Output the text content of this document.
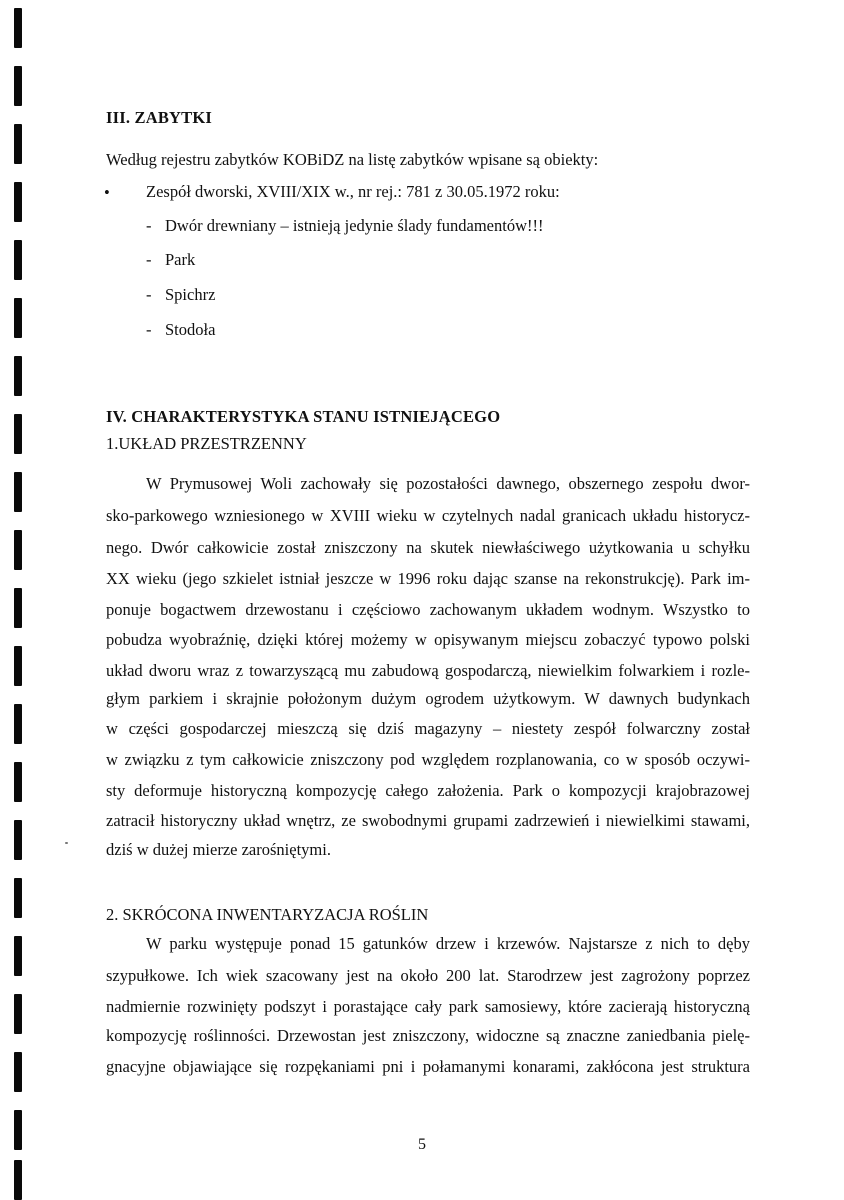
III. ZABYTKI
Według rejestru zabytków KOBiDZ na listę zabytków wpisane są obiekty:
• Zespół dworski, XVIII/XIX w., nr rej.: 781 z 30.05.1972 roku:
- Dwór drewniany – istnieją jedynie ślady fundamentów!!!
- Park
- Spichrz
- Stodoła
IV. CHARAKTERYSTYKA STANU ISTNIEJĄCEGO
1.UKŁAD PRZESTRZENNY
W Prymusowej Woli zachowały się pozostałości dawnego, obszernego zespołu dwor-
sko-parkowego wzniesionego w XVIII wieku w czytelnych nadal granicach układu historycz-
nego. Dwór całkowicie został zniszczony na skutek niewłaściwego użytkowania u schyłku
XX wieku (jego szkielet istniał jeszcze w 1996 roku dając szanse na rekonstrukcję). Park im-
ponuje bogactwem drzewostanu i częściowo zachowanym układem wodnym. Wszystko to
pobudza wyobraźnię, dzięki której możemy w opisywanym miejscu zobaczyć typowo polski
układ dworu wraz z towarzyszącą mu zabudową gospodarczą, niewielkim folwarkiem i rozle-
głym parkiem i skrajnie położonym dużym ogrodem użytkowym. W dawnych budynkach
w części gospodarczej mieszczą się dziś magazyny – niestety zespół folwarczny został
w związku z tym całkowicie zniszczony pod względem rozplanowania, co w sposób oczywi-
sty deformuje historyczną kompozycję całego założenia. Park o kompozycji krajobrazowej
zatracił historyczny układ wnętrz, ze swobodnymi grupami zadrzewień i niewielkimi stawami,
dziś w dużej mierze zarośniętymi.
2. SKRÓCONA INWENTARYZACJA ROŚLIN
W parku występuje ponad 15 gatunków drzew i krzewów. Najstarsze z nich to dęby
szypułkowe. Ich wiek szacowany jest na około 200 lat. Starodrzew jest zagrożony poprzez
nadmiernie rozwinięty podszyt i porastające cały park samosiewy, które zacierają historyczną
kompozycję roślinności. Drzewostan jest zniszczony, widoczne są znaczne zaniedbania pielę-
gnacyjne objawiające się rozpękaniami pni i połamanymi konarami, zakłócona jest struktura
5
